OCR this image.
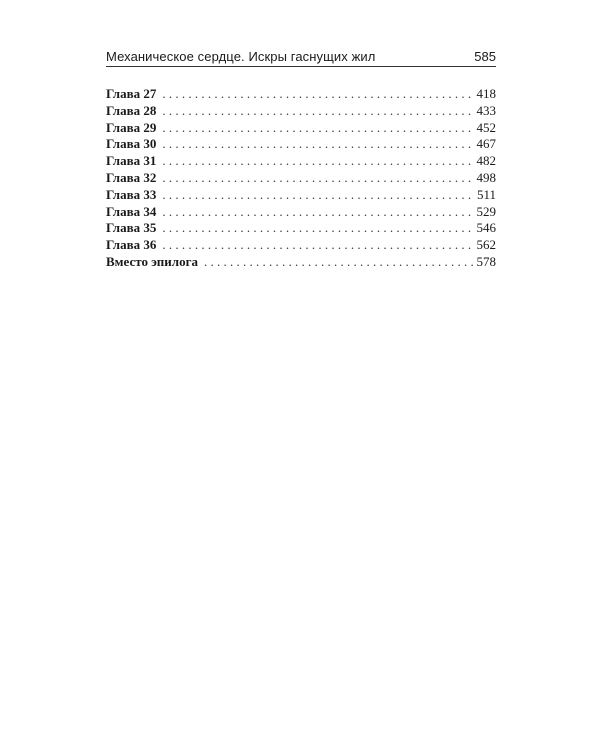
Механическое сердце. Искры гаснущих жил	585
Глава 27 . . .	418
Глава 28 . . .	433
Глава 29 . . .	452
Глава 30 . . .	467
Глава 31 . . .	482
Глава 32 . . .	498
Глава 33 . . .	511
Глава 34 . . .	529
Глава 35 . . .	546
Глава 36 . . .	562
Вместо эпилога . . .	578
